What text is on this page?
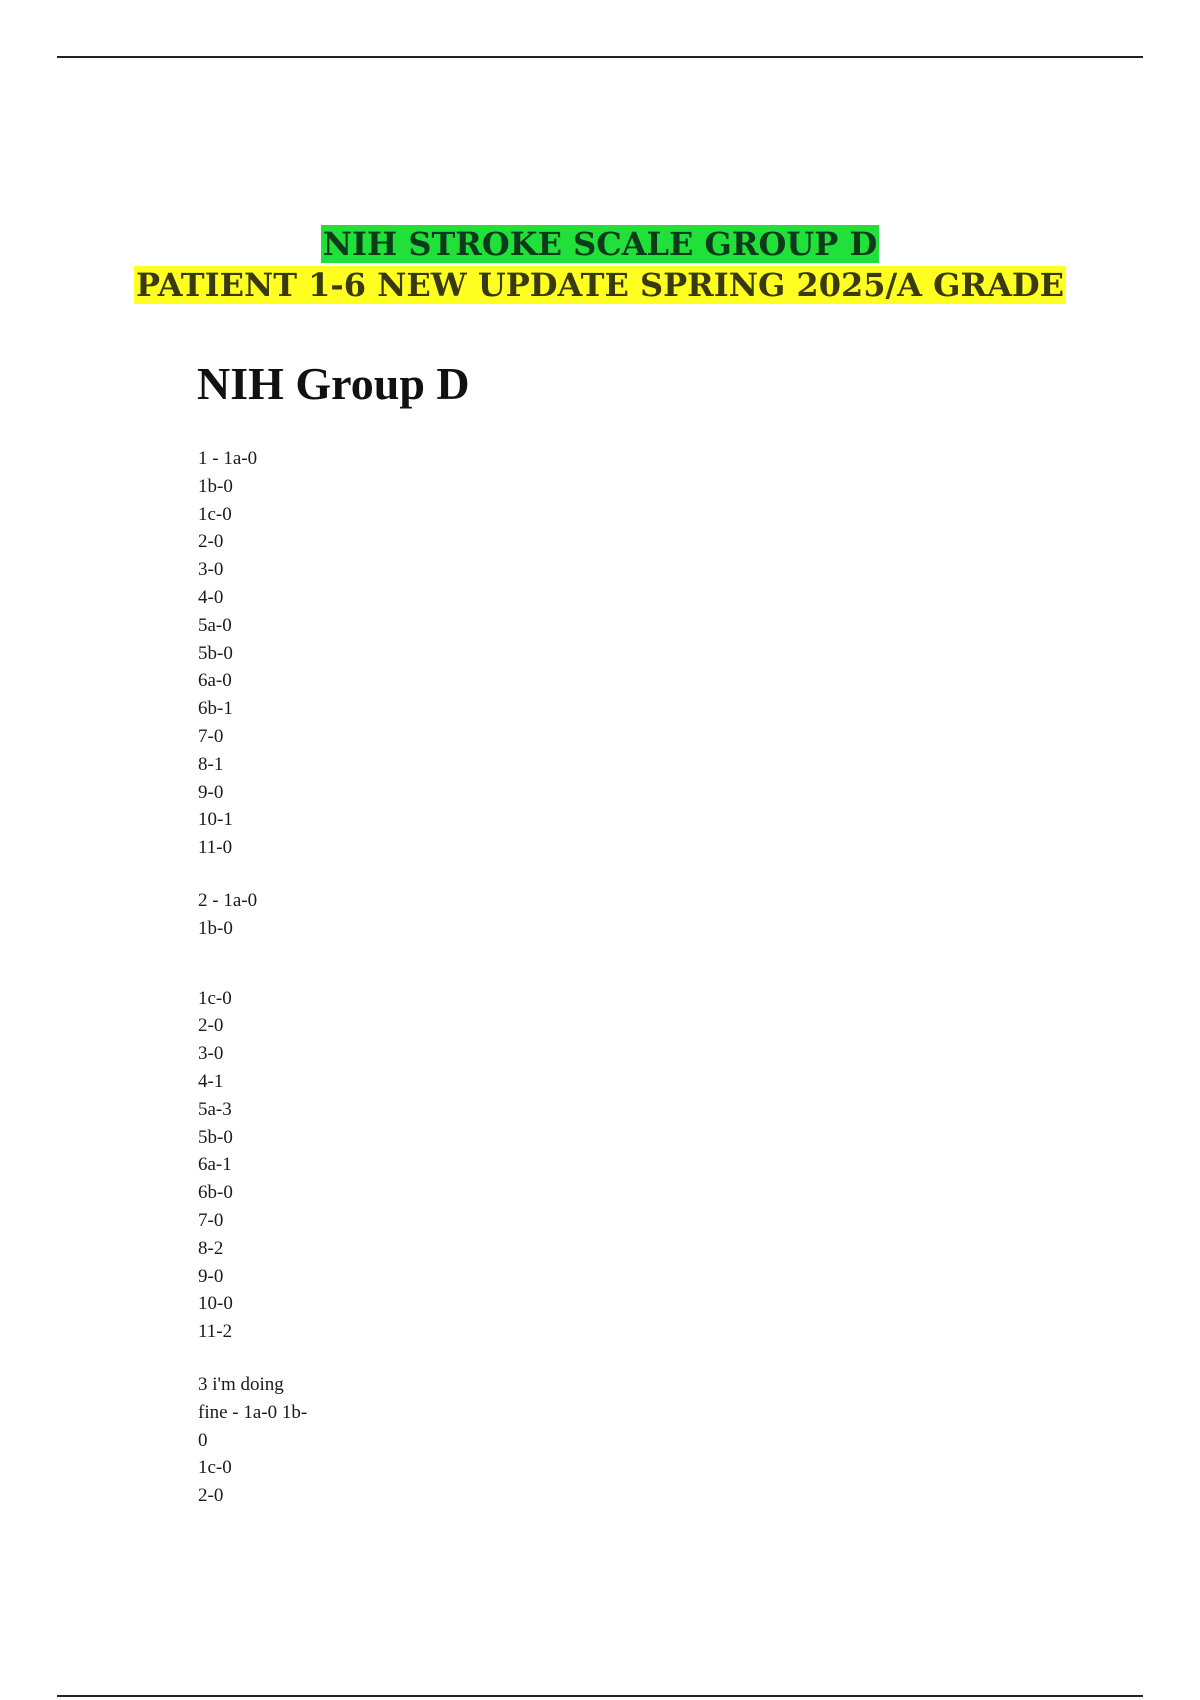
NIH STROKE SCALE GROUP D
PATIENT 1-6 NEW UPDATE SPRING 2025/A GRADE
NIH Group D
1 - 1a-0
1b-0
1c-0
2-0
3-0
4-0
5a-0
5b-0
6a-0
6b-1
7-0
8-1
9-0
10-1
11-0
2 - 1a-0
1b-0
1c-0
2-0
3-0
4-1
5a-3
5b-0
6a-1
6b-0
7-0
8-2
9-0
10-0
11-2
3 i'm doing
fine - 1a-0 1b-
0
1c-0
2-0
